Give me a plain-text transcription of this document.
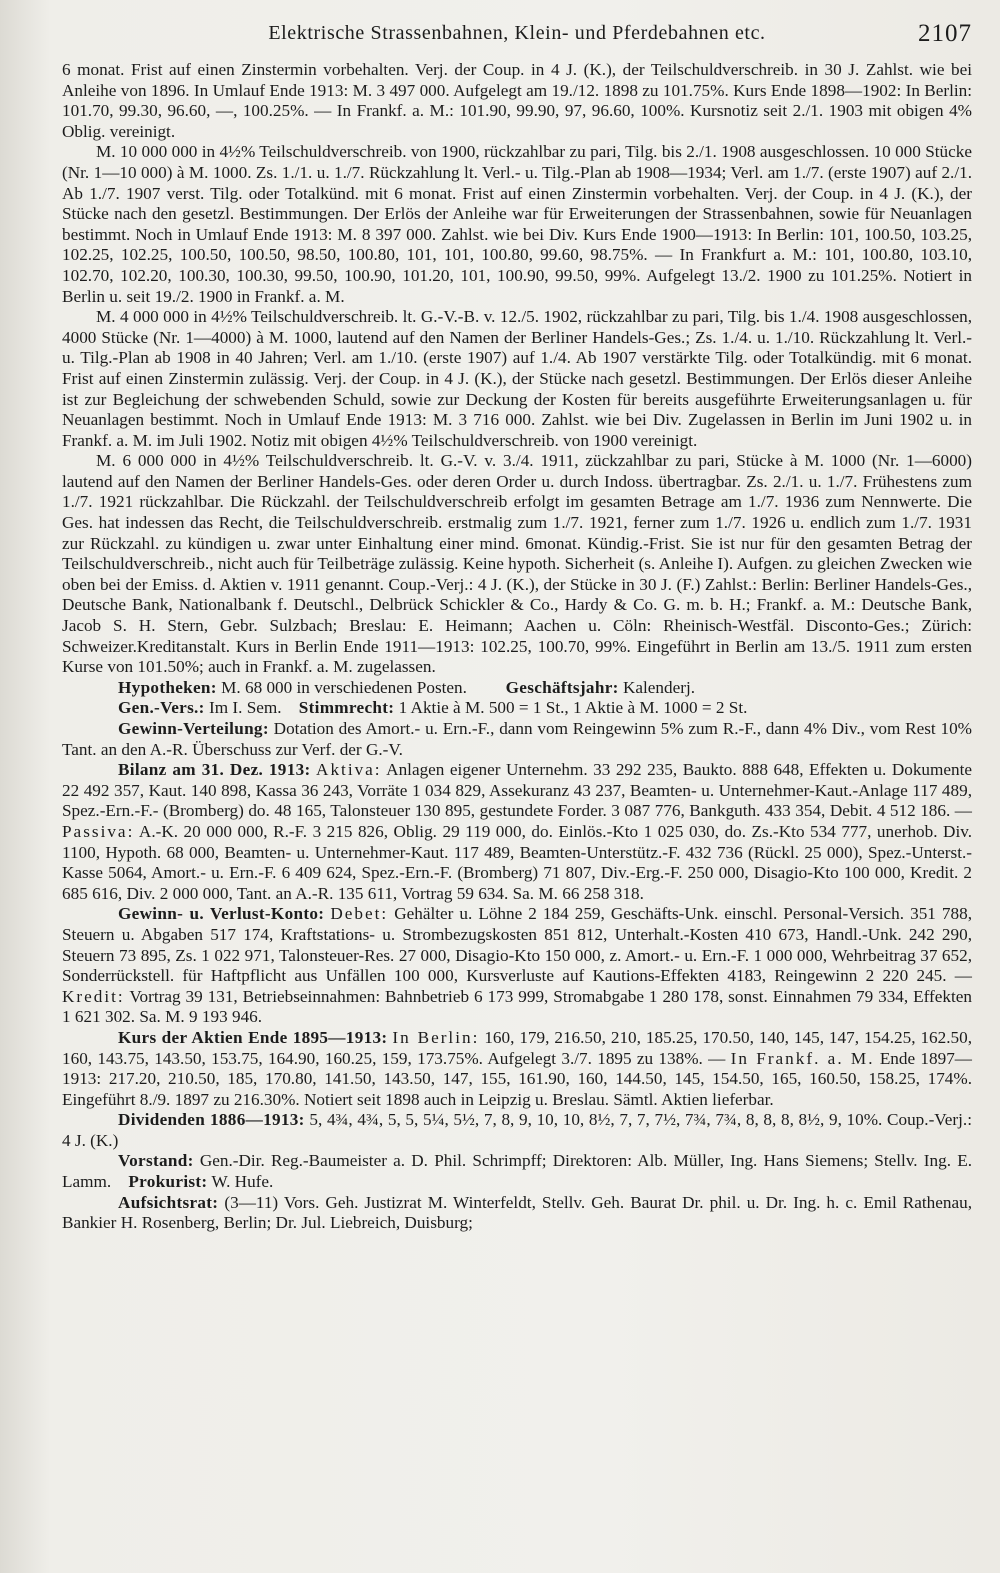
Elektrische Strassenbahnen, Klein- und Pferdebahnen etc.	2107

6 monat. Frist auf einen Zinstermin vorbehalten. Verj. der Coup. in 4 J. (K.), der Teilschuldverschreib. in 30 J. Zahlst. wie bei Anleihe von 1896. In Umlauf Ende 1913: M. 3 497 000. Aufgelegt am 19./12. 1898 zu 101.75%. Kurs Ende 1898—1902: In Berlin: 101.70, 99.30, 96.60, —, 100.25%. — In Frankf. a. M.: 101.90, 99.90, 97, 96.60, 100%. Kursnotiz seit 2./1. 1903 mit obigen 4% Oblig. vereinigt.

M. 10 000 000 in 4½% Teilschuldverschreib. von 1900, rückzahlbar zu pari, Tilg. bis 2./1. 1908 ausgeschlossen. 10 000 Stücke (Nr. 1—10 000) à M. 1000. Zs. 1./1. u. 1./7. Rückzahlung lt. Verl.- u. Tilg.-Plan ab 1908—1934; Verl. am 1./7. (erste 1907) auf 2./1. Ab 1./7. 1907 verst. Tilg. oder Totalkünd. mit 6 monat. Frist auf einen Zinstermin vorbehalten. Verj. der Coup. in 4 J. (K.), der Stücke nach den gesetzl. Bestimmungen. Der Erlös der Anleihe war für Erweiterungen der Strassenbahnen, sowie für Neuanlagen bestimmt. Noch in Umlauf Ende 1913: M. 8 397 000. Zahlst. wie bei Div. Kurs Ende 1900—1913: In Berlin: 101, 100.50, 103.25, 102.25, 102.25, 100.50, 100.50, 98.50, 100.80, 101, 101, 100.80, 99.60, 98.75%. — In Frankfurt a. M.: 101, 100.80, 103.10, 102.70, 102.20, 100.30, 100.30, 99.50, 100.90, 101.20, 101, 100.90, 99.50, 99%. Aufgelegt 13./2. 1900 zu 101.25%. Notiert in Berlin u. seit 19./2. 1900 in Frankf. a. M.

M. 4 000 000 in 4½% Teilschuldverschreib. lt. G.-V.-B. v. 12./5. 1902, rückzahlbar zu pari, Tilg. bis 1./4. 1908 ausgeschlossen, 4000 Stücke (Nr. 1—4000) à M. 1000, lautend auf den Namen der Berliner Handels-Ges.; Zs. 1./4. u. 1./10. Rückzahlung lt. Verl.- u. Tilg.-Plan ab 1908 in 40 Jahren; Verl. am 1./10. (erste 1907) auf 1./4. Ab 1907 verstärkte Tilg. oder Totalkündig. mit 6 monat. Frist auf einen Zinstermin zulässig. Verj. der Coup. in 4 J. (K.), der Stücke nach gesetzl. Bestimmungen. Der Erlös dieser Anleihe ist zur Begleichung der schwebenden Schuld, sowie zur Deckung der Kosten für bereits ausgeführte Erweiterungsanlagen u. für Neuanlagen bestimmt. Noch in Umlauf Ende 1913: M. 3 716 000. Zahlst. wie bei Div. Zugelassen in Berlin im Juni 1902 u. in Frankf. a. M. im Juli 1902. Notiz mit obigen 4½% Teilschuldverschreib. von 1900 vereinigt.

M. 6 000 000 in 4½% Teilschuldverschreib. lt. G.-V. v. 3./4. 1911, zückzahlbar zu pari, Stücke à M. 1000 (Nr. 1—6000) lautend auf den Namen der Berliner Handels-Ges. oder deren Order u. durch Indoss. übertragbar. Zs. 2./1. u. 1./7. Frühestens zum 1./7. 1921 rückzahlbar. Die Rückzahl. der Teilschuldverschreib erfolgt im gesamten Betrage am 1./7. 1936 zum Nennwerte. Die Ges. hat indessen das Recht, die Teilschuldverschreib. erstmalig zum 1./7. 1921, ferner zum 1./7. 1926 u. endlich zum 1./7. 1931 zur Rückzahl. zu kündigen u. zwar unter Einhaltung einer mind. 6monat. Kündig.-Frist. Sie ist nur für den gesamten Betrag der Teilschuldverschreib., nicht auch für Teilbeträge zulässig. Keine hypoth. Sicherheit (s. Anleihe I). Aufgen. zu gleichen Zwecken wie oben bei der Emiss. d. Aktien v. 1911 genannt. Coup.-Verj.: 4 J. (K.), der Stücke in 30 J. (F.) Zahlst.: Berlin: Berliner Handels-Ges., Deutsche Bank, Nationalbank f. Deutschl., Delbrück Schickler & Co., Hardy & Co. G. m. b. H.; Frankf. a. M.: Deutsche Bank, Jacob S. H. Stern, Gebr. Sulzbach; Breslau: E. Heimann; Aachen u. Cöln: Rheinisch-Westfäl. Disconto-Ges.; Zürich: Schweizer.Kreditanstalt. Kurs in Berlin Ende 1911—1913: 102.25, 100.70, 99%. Eingeführt in Berlin am 13./5. 1911 zum ersten Kurse von 101.50%; auch in Frankf. a. M. zugelassen.

Hypotheken: M. 68 000 in verschiedenen Posten. Geschäftsjahr: Kalenderj.

Gen.-Vers.: Im I. Sem. Stimmrecht: 1 Aktie à M. 500 = 1 St., 1 Aktie à M. 1000 = 2 St.

Gewinn-Verteilung: Dotation des Amort.- u. Ern.-F., dann vom Reingewinn 5% zum R.-F., dann 4% Div., vom Rest 10% Tant. an den A.-R. Überschuss zur Verf. der G.-V.

Bilanz am 31. Dez. 1913: Aktiva: Anlagen eigener Unternehm. 33 292 235, Baukto. 888 648, Effekten u. Dokumente 22 492 357, Kaut. 140 898, Kassa 36 243, Vorräte 1 034 829, Assekuranz 43 237, Beamten- u. Unternehmer-Kaut.-Anlage 117 489, Spez.-Ern.-F.- (Bromberg) do. 48 165, Talonsteuer 130 895, gestundete Forder. 3 087 776, Bankguth. 433 354, Debit. 4 512 186. — Passiva: A.-K. 20 000 000, R.-F. 3 215 826, Oblig. 29 119 000, do. Einlös.-Kto 1 025 030, do. Zs.-Kto 534 777, unerhob. Div. 1100, Hypoth. 68 000, Beamten- u. Unternehmer-Kaut. 117 489, Beamten-Unterstütz.-F. 432 736 (Rückl. 25 000), Spez.-Unterst.-Kasse 5064, Amort.- u. Ern.-F. 6 409 624, Spez.-Ern.-F. (Bromberg) 71 807, Div.-Erg.-F. 250 000, Disagio-Kto 100 000, Kredit. 2 685 616, Div. 2 000 000, Tant. an A.-R. 135 611, Vortrag 59 634. Sa. M. 66 258 318.

Gewinn- u. Verlust-Konto: Debet: Gehälter u. Löhne 2 184 259, Geschäfts-Unk. einschl. Personal-Versich. 351 788, Steuern u. Abgaben 517 174, Kraftstations- u. Strombezugskosten 851 812, Unterhalt.-Kosten 410 673, Handl.-Unk. 242 290, Steuern 73 895, Zs. 1 022 971, Talonsteuer-Res. 27 000, Disagio-Kto 150 000, z. Amort.- u. Ern.-F. 1 000 000, Wehrbeitrag 37 652, Sonderrückstell. für Haftpflicht aus Unfällen 100 000, Kursverluste auf Kautions-Effekten 4183, Reingewinn 2 220 245. — Kredit: Vortrag 39 131, Betriebseinnahmen: Bahnbetrieb 6 173 999, Stromabgabe 1 280 178, sonst. Einnahmen 79 334, Effekten 1 621 302. Sa. M. 9 193 946.

Kurs der Aktien Ende 1895—1913: In Berlin: 160, 179, 216.50, 210, 185.25, 170.50, 140, 145, 147, 154.25, 162.50, 160, 143.75, 143.50, 153.75, 164.90, 160.25, 159, 173.75%. Aufgelegt 3./7. 1895 zu 138%. — In Frankf. a. M. Ende 1897—1913: 217.20, 210.50, 185, 170.80, 141.50, 143.50, 147, 155, 161.90, 160, 144.50, 145, 154.50, 165, 160.50, 158.25, 174%. Eingeführt 8./9. 1897 zu 216.30%. Notiert seit 1898 auch in Leipzig u. Breslau. Sämtl. Aktien lieferbar.

Dividenden 1886—1913: 5, 4¾, 4¾, 5, 5, 5¼, 5½, 7, 8, 9, 10, 10, 8½, 7, 7, 7½, 7¾, 7¾, 8, 8, 8, 8½, 9, 10%. Coup.-Verj.: 4 J. (K.)

Vorstand: Gen.-Dir. Reg.-Baumeister a. D. Phil. Schrimpff; Direktoren: Alb. Müller, Ing. Hans Siemens; Stellv. Ing. E. Lamm. Prokurist: W. Hufe.

Aufsichtsrat: (3—11) Vors. Geh. Justizrat M. Winterfeldt, Stellv. Geh. Baurat Dr. phil. u. Dr. Ing. h. c. Emil Rathenau, Bankier H. Rosenberg, Berlin; Dr. Jul. Liebreich, Duisburg;
